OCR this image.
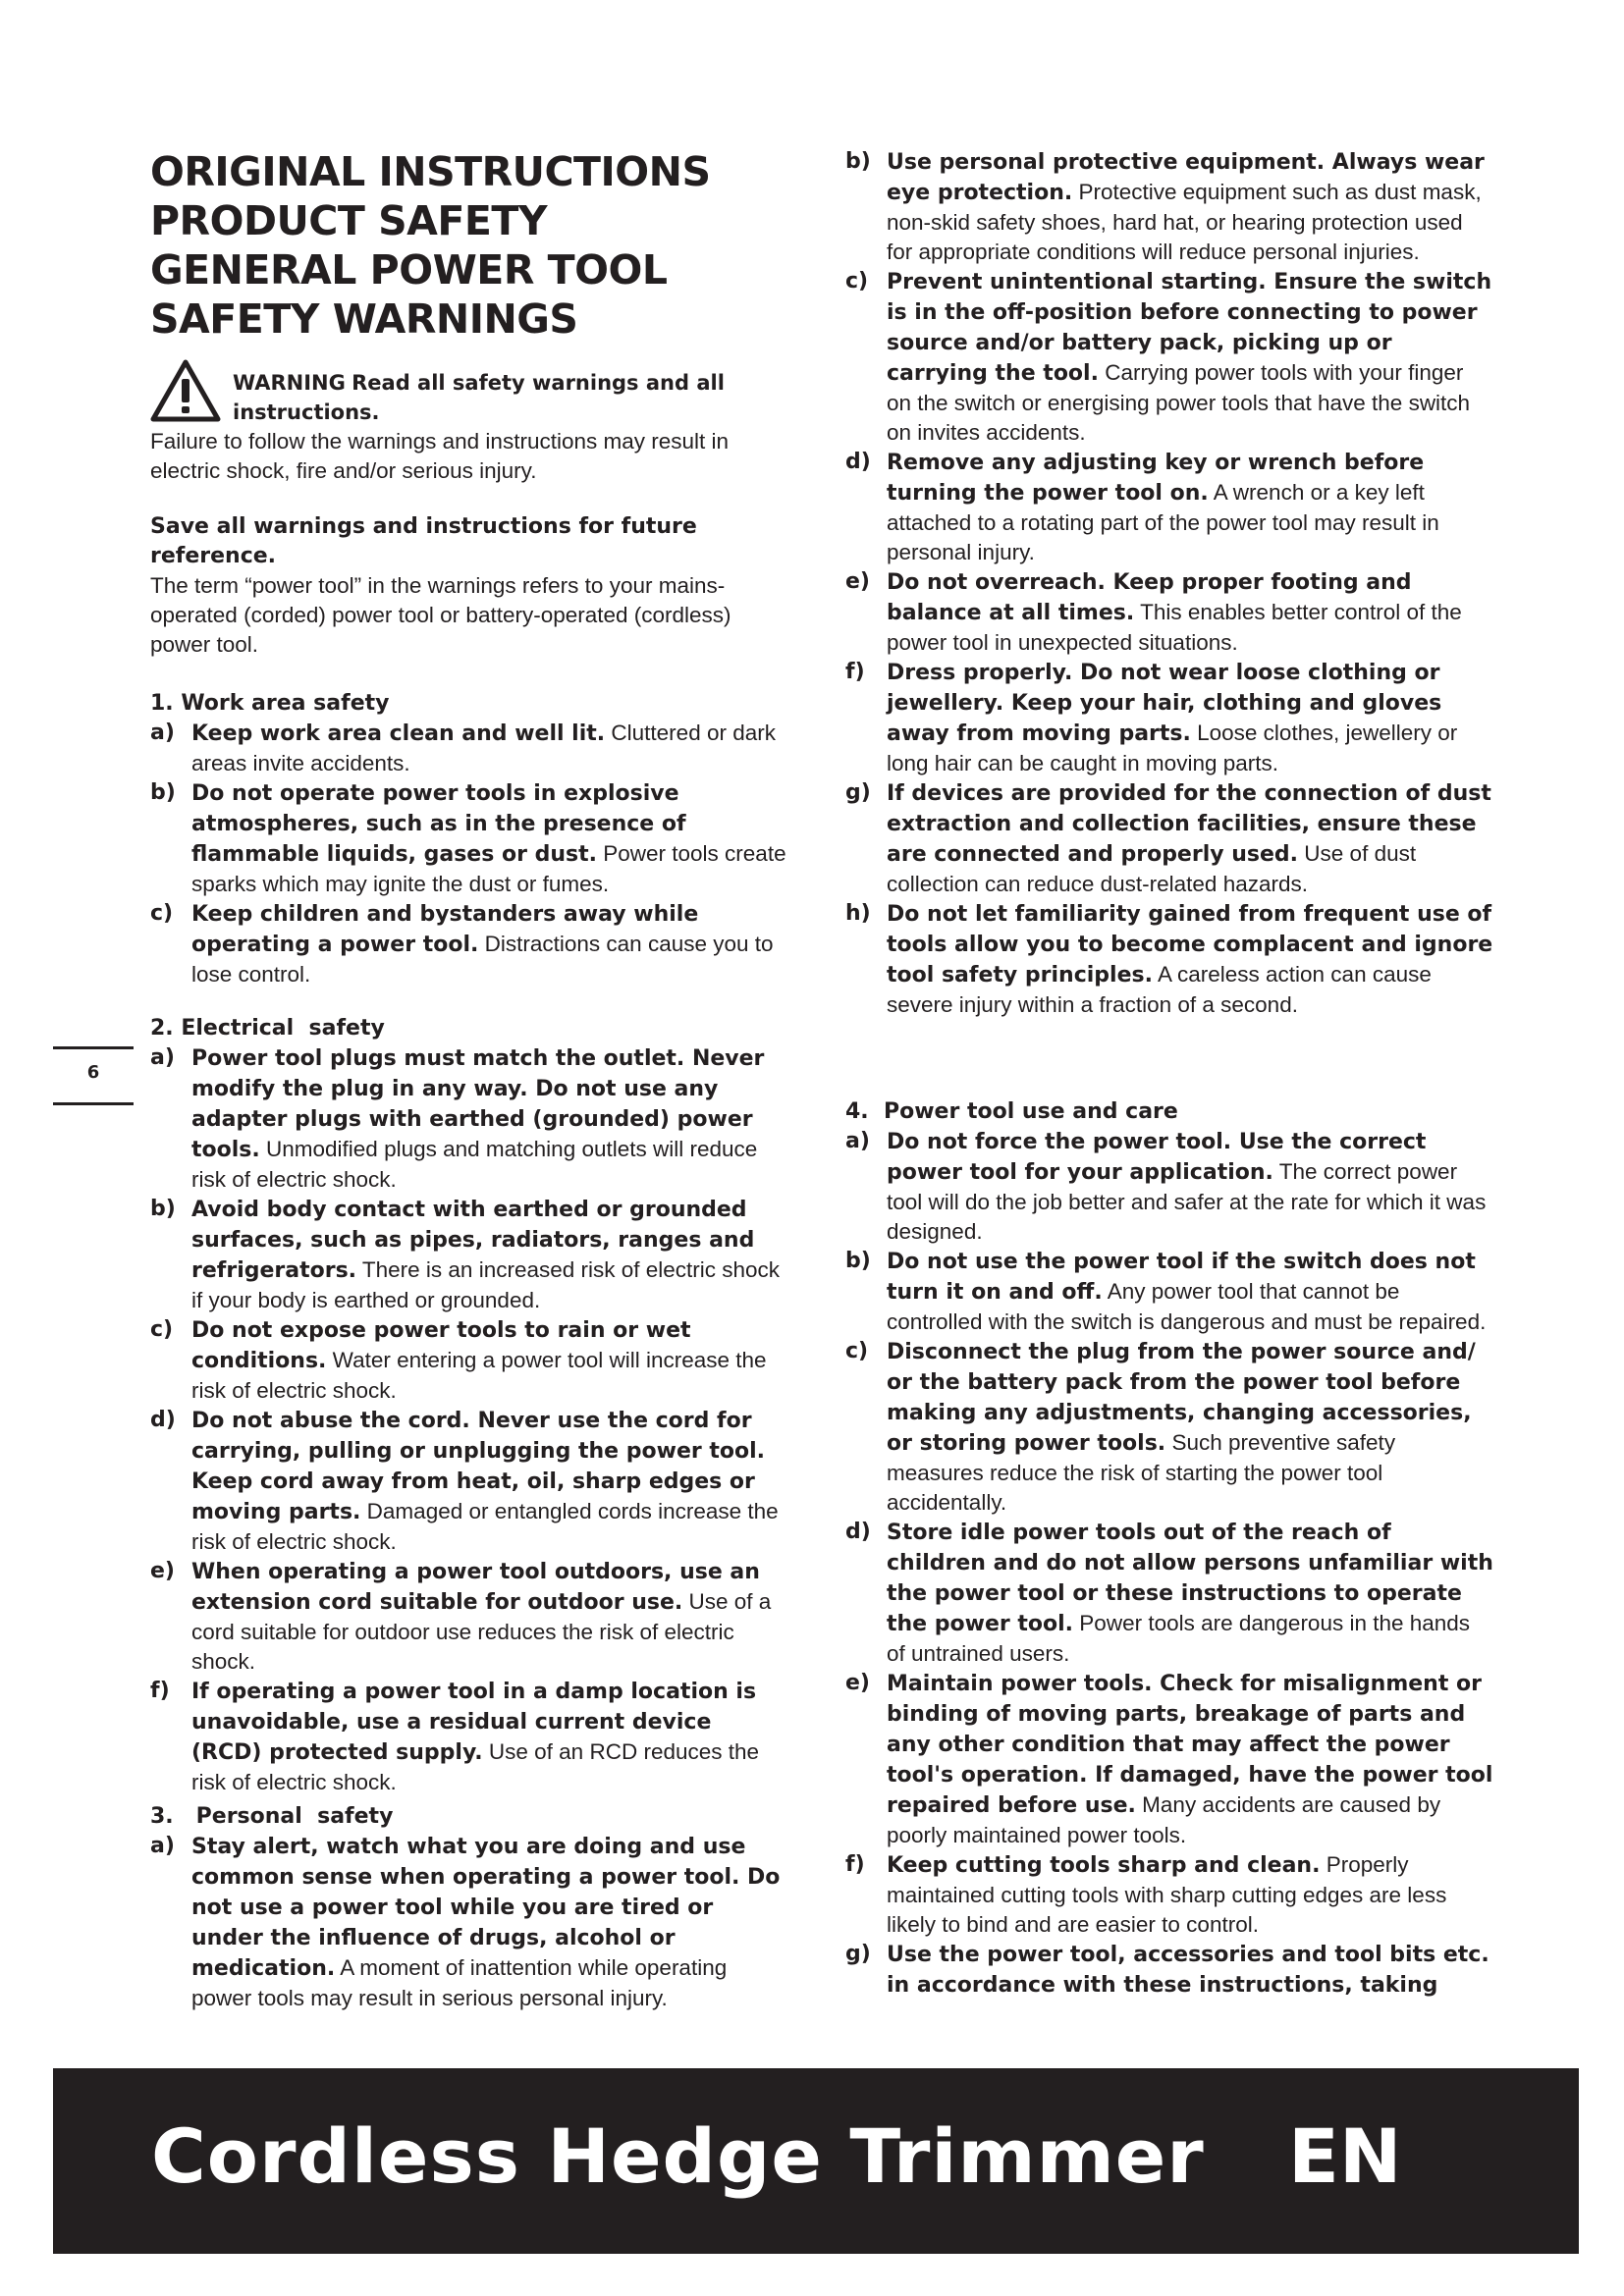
ORIGINAL INSTRUCTIONS
PRODUCT SAFETY
GENERAL POWER TOOL
SAFETY WARNINGS

WARNING Read all safety warnings and all instructions.

Failure to follow the warnings and instructions may result in electric shock, fire and/or serious injury.

Save all warnings and instructions for future reference.

The term “power tool” in the warnings refers to your mains-operated (corded) power tool or battery-operated (cordless) power tool.

1. Work area safety

a) Keep work area clean and well lit. Cluttered or dark areas invite accidents.

b) Do not operate power tools in explosive atmospheres, such as in the presence of flammable liquids, gases or dust. Power tools create sparks which may ignite the dust or fumes.

c) Keep children and bystanders away while operating a power tool. Distractions can cause you to lose control.

2. Electrical  safety

a) Power tool plugs must match the outlet. Never modify the plug in any way. Do not use any adapter plugs with earthed (grounded) power tools. Unmodified plugs and matching outlets will reduce risk of electric shock.

b) Avoid body contact with earthed or grounded surfaces, such as pipes, radiators, ranges and refrigerators. There is an increased risk of electric shock if your body is earthed or grounded.

c) Do not expose power tools to rain or wet conditions. Water entering a power tool will increase the risk of electric shock.

d) Do not abuse the cord. Never use the cord for carrying, pulling or unplugging the power tool. Keep cord away from heat, oil, sharp edges or moving parts. Damaged or entangled cords increase the risk of electric shock.

e) When operating a power tool outdoors, use an extension cord suitable for outdoor use. Use of a cord suitable for outdoor use reduces the risk of electric shock.

f) If operating a power tool in a damp location is unavoidable, use a residual current device (RCD) protected supply. Use of an RCD reduces the risk of electric shock.

3.   Personal  safety

a) Stay alert, watch what you are doing and use common sense when operating a power tool. Do not use a power tool while you are tired or under the influence of drugs, alcohol or medication. A moment of inattention while operating power tools may result in serious personal injury.

b) Use personal protective equipment. Always wear eye protection. Protective equipment such as dust mask, non-skid safety shoes, hard hat, or hearing protection used for appropriate conditions will reduce personal injuries.

c) Prevent unintentional starting. Ensure the switch is in the off-position before connecting to power source and/or battery pack, picking up or carrying the tool. Carrying power tools with your finger on the switch or energising power tools that have the switch on invites accidents.

d) Remove any adjusting key or wrench before turning the power tool on. A wrench or a key left attached to a rotating part of the power tool may result in personal injury.

e) Do not overreach. Keep proper footing and balance at all times. This enables better control of the power tool in unexpected situations.

f) Dress properly. Do not wear loose clothing or jewellery. Keep your hair, clothing and gloves away from moving parts. Loose clothes, jewellery or long hair can be caught in moving parts.

g) If devices are provided for the connection of dust extraction and collection facilities, ensure these are connected and properly used. Use of dust collection can reduce dust-related hazards.

h) Do not let familiarity gained from frequent use of tools allow you to become complacent and ignore tool safety principles. A careless action can cause severe injury within a fraction of a second.

4.  Power tool use and care

a) Do not force the power tool. Use the correct power tool for your application. The correct power tool will do the job better and safer at the rate for which it was designed.

b) Do not use the power tool if the switch does not turn it on and off. Any power tool that cannot be controlled with the switch is dangerous and must be repaired.

c) Disconnect the plug from the power source and/ or the battery pack from the power tool before making any adjustments, changing accessories, or storing power tools. Such preventive safety measures reduce the risk of starting the power tool accidentally.

d) Store idle power tools out of the reach of children and do not allow persons unfamiliar with the power tool or these instructions to operate the power tool. Power tools are dangerous in the hands of untrained users.

e) Maintain power tools. Check for misalignment or binding of moving parts, breakage of parts and any other condition that may affect the power tool's operation. If damaged, have the power tool repaired before use. Many accidents are caused by poorly maintained power tools.

f) Keep cutting tools sharp and clean. Properly maintained cutting tools with sharp cutting edges are less likely to bind and are easier to control.

g) Use the power tool, accessories and tool bits etc. in accordance with these instructions, taking

6

Cordless Hedge Trimmer EN
